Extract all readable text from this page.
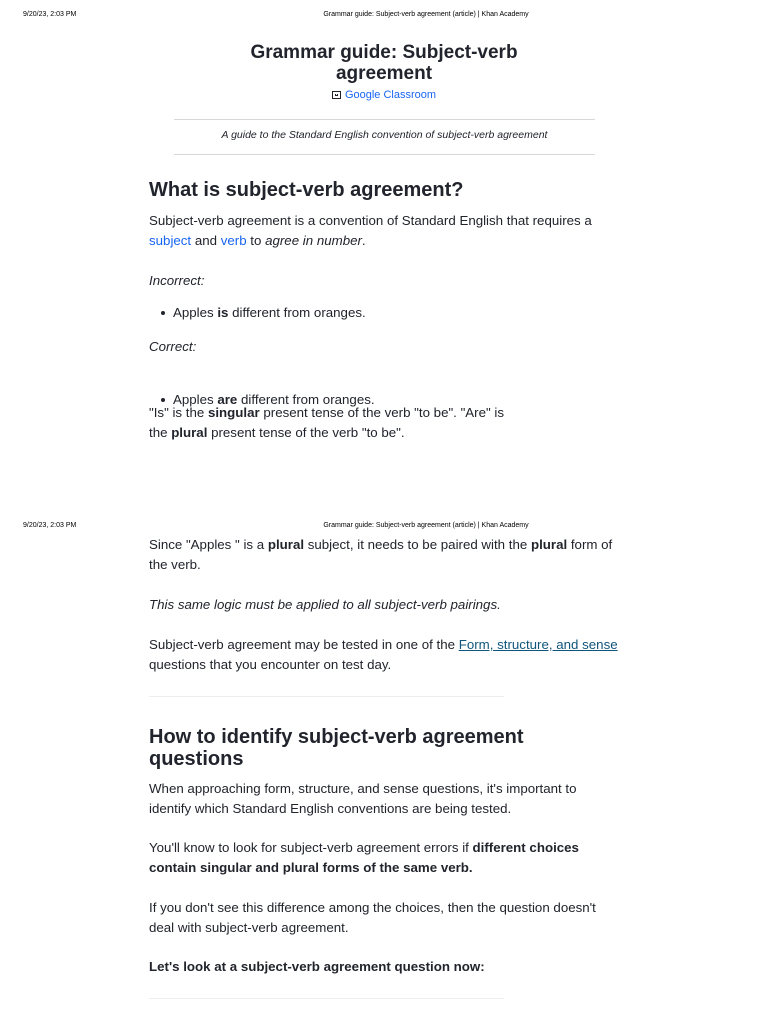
9/20/23, 2:03 PM	Grammar guide: Subject-verb agreement (article) | Khan Academy
Grammar guide: Subject-verb agreement
Google Classroom
A guide to the Standard English convention of subject-verb agreement
What is subject-verb agreement?

Subject-verb agreement is a convention of Standard English that requires a subject and verb to agree in number.

Incorrect:

Apples is different from oranges.

Correct:

Apples are different from oranges.

"Is" is the singular present tense of the verb "to be". "Are" is the plural present tense of the verb "to be".

9/20/23, 2:03 PM	Grammar guide: Subject-verb agreement (article) | Khan Academy

Since "Apples " is a plural subject, it needs to be paired with the plural form of the verb.

This same logic must be applied to all subject-verb pairings.

Subject-verb agreement may be tested in one of the Form, structure, and sense questions that you encounter on test day.

How to identify subject-verb agreement questions

When approaching form, structure, and sense questions, it's important to identify which Standard English conventions are being tested.

You'll know to look for subject-verb agreement errors if different choices contain singular and plural forms of the same verb.

If you don't see this difference among the choices, then the question doesn't deal with subject-verb agreement.

Let's look at a subject-verb agreement question now:
